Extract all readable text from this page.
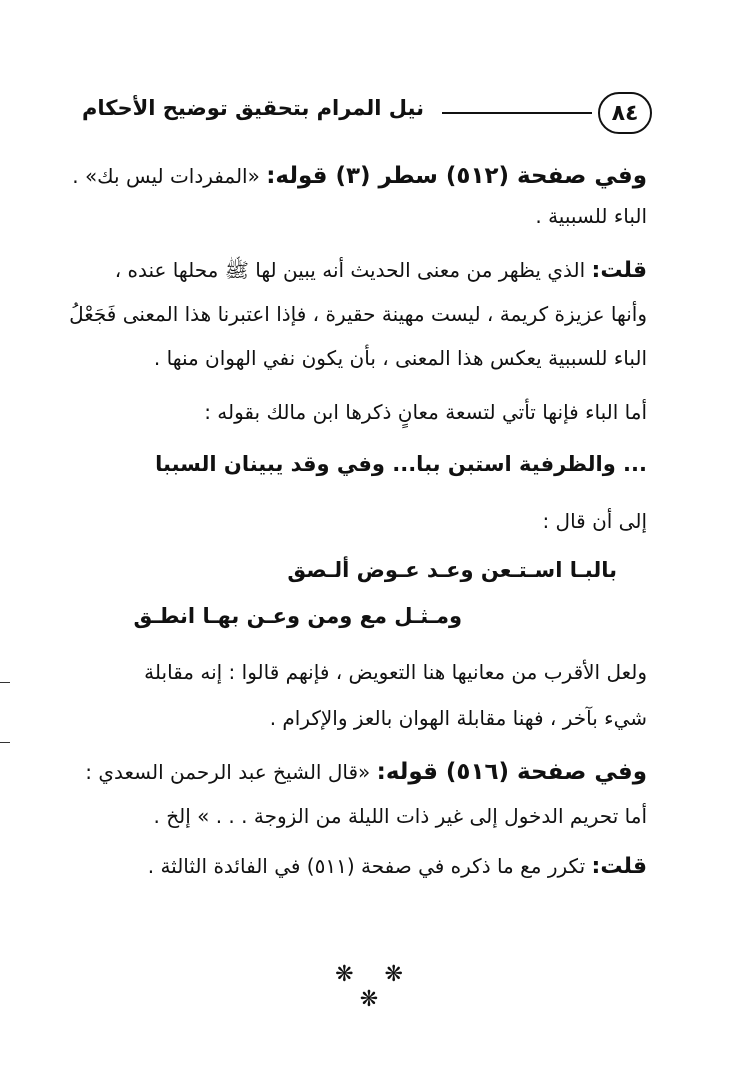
٨٤
نيل المرام بتحقيق توضيح الأحكام
وفي صفحة (٥١٢) سطر (٣) قوله: «المفردات ليس بك» .
الباء للسببية .
قلت: الذي يظهر من معنى الحديث أنه يبين لها ﷺ محلها عنده ،
وأنها عزيزة كريمة ، ليست مهينة حقيرة ، فإذا اعتبرنا هذا المعنى فَجَعْلُ
الباء للسببية يعكس هذا المعنى ، بأن يكون نفي الهوان منها .
أما الباء فإنها تأتي لتسعة معانٍ ذكرها ابن مالك بقوله :
... والظرفية استبن ببا... وفي وقد يبينان السببا
إلى أن قال :
بالبـا اسـتـعن وعـد عـوض ألـصق
ومـثـل مع ومن وعـن بهـا انطـق
ولعل الأقرب من معانيها هنا التعويض ، فإنهم قالوا : إنه مقابلة
شيء بآخر ، فهنا مقابلة الهوان بالعز والإكرام .
وفي صفحة (٥١٦) قوله: «قال الشيخ عبد الرحمن السعدي :
أما تحريم الدخول إلى غير ذات الليلة من الزوجة . . . » إلخ .
قلت: تكرر مع ما ذكره في صفحة (٥١١) في الفائدة الثالثة .
❋ ❋ ❋
